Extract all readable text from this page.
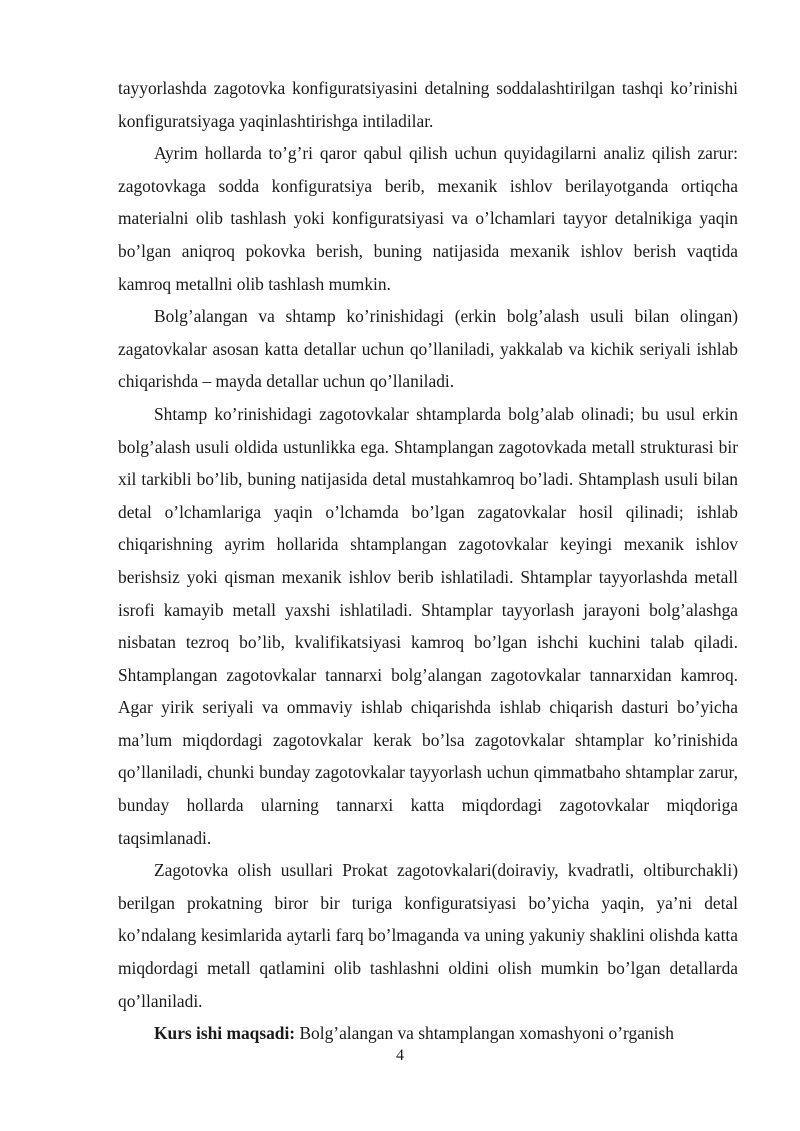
tayyorlashda zagotovka konfiguratsiyasini detalning soddalashtirilgan tashqi ko’rinishi konfiguratsiyaga yaqinlashtirishga intiladilar.

Ayrim hollarda to’g’ri qaror qabul qilish uchun quyidagilarni analiz qilish zarur: zagotovkaga sodda konfiguratsiya berib, mexanik ishlov berilayotganda ortiqcha materialni olib tashlash yoki konfiguratsiyasi va o’lchamlari tayyor detalnikiga yaqin bo’lgan aniqroq pokovka berish, buning natijasida mexanik ishlov berish vaqtida kamroq metallni olib tashlash mumkin.

Bolg’alangan va shtamp ko’rinishidagi (erkin bolg’alash usuli bilan olingan) zagatovkalar asosan katta detallar uchun qo’llaniladi, yakkalab va kichik seriyali ishlab chiqarishda – mayda detallar uchun qo’llaniladi.

Shtamp ko’rinishidagi zagotovkalar shtamplarda bolg’alab olinadi; bu usul erkin bolg’alash usuli oldida ustunlikka ega. Shtamplangan zagotovkada metall strukturasi bir xil tarkibli bo’lib, buning natijasida detal mustahkamroq bo’ladi. Shtamplash usuli bilan detal o’lchamlariga yaqin o’lchamda bo’lgan zagatovkalar hosil qilinadi; ishlab chiqarishning ayrim hollarida shtamplangan zagotovkalar keyingi mexanik ishlov berishsiz yoki qisman mexanik ishlov berib ishlatiladi. Shtamplar tayyorlashda metall isrofi kamayib metall yaxshi ishlatiladi. Shtamplar tayyorlash jarayoni bolg’alashga nisbatan tezroq bo’lib, kvalifikatsiyasi kamroq bo’lgan ishchi kuchini talab qiladi. Shtamplangan zagotovkalar tannarxi bolg’alangan zagotovkalar tannarxidan kamroq. Agar yirik seriyali va ommaviy ishlab chiqarishda ishlab chiqarish dasturi bo’yicha ma’lum miqdordagi zagotovkalar kerak bo’lsa zagotovkalar shtamplar ko’rinishida qo’llaniladi, chunki bunday zagotovkalar tayyorlash uchun qimmatbaho shtamplar zarur, bunday hollarda ularning tannarxi katta miqdordagi zagotovkalar miqdoriga taqsimlanadi.

Zagotovka olish usullari Prokat zagotovkalari(doiraviy, kvadratli, oltiburchakli) berilgan prokatning biror bir turiga konfiguratsiyasi bo’yicha yaqin, ya’ni detal ko’ndalang kesimlarida aytarli farq bo’lmaganda va uning yakuniy shaklini olishda katta miqdordagi metall qatlamini olib tashlashni oldini olish mumkin bo’lgan detallarda qo’llaniladi.

Kurs ishi maqsadi: Bolg’alangan va shtamplangan xomashyoni o’rganish

4
